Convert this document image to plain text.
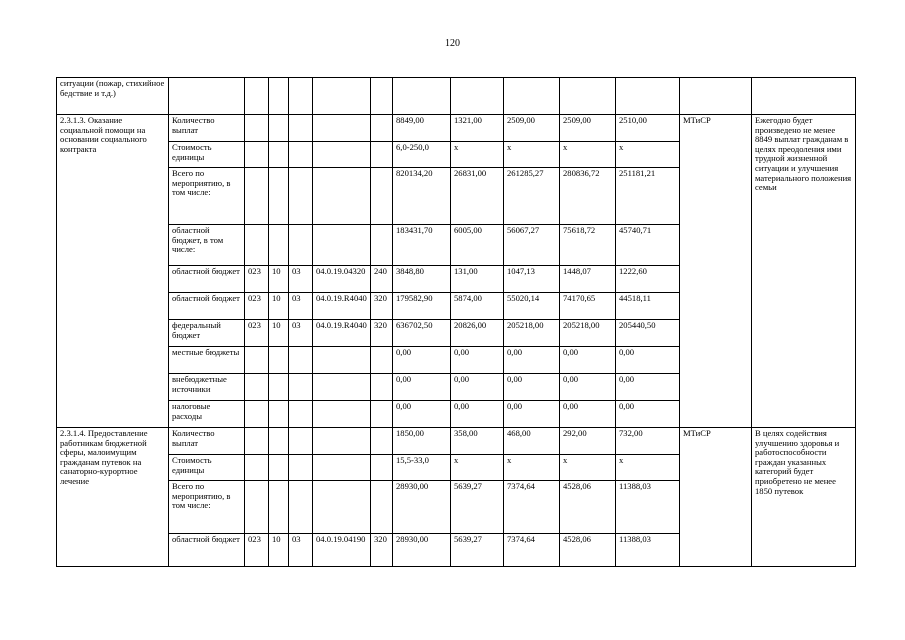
120
ситуации (пожар, стихийное бедствие и т.д.)													
2.3.1.3. Оказание социальной помощи на основании социального контракта	Количество выплат						8849,00	1321,00	2509,00	2509,00	2510,00	МТиСР	Ежегодно будет произведено не менее 8849 выплат гражданам в целях преодоления ими трудной жизненной ситуации и улучшения материального положения семьи
	Стоимость единицы						6,0-250,0	х	х	х	х		
	Всего по мероприятию, в том числе:						820134,20	26831,00	261285,27	280836,72	251181,21		
	областной бюджет, в том числе:						183431,70	6005,00	56067,27	75618,72	45740,71		
	областной бюджет	023	10	03	04.0.19.04320	240	3848,80	131,00	1047,13	1448,07	1222,60		
	областной бюджет	023	10	03	04.0.19.R4040	320	179582,90	5874,00	55020,14	74170,65	44518,11		
	федеральный бюджет	023	10	03	04.0.19.R4040	320	636702,50	20826,00	205218,00	205218,00	205440,50		
	местные бюджеты						0,00	0,00	0,00	0,00	0,00		
	внебюджетные источники						0,00	0,00	0,00	0,00	0,00		
	налоговые расходы						0,00	0,00	0,00	0,00	0,00		
2.3.1.4. Предоставление работникам бюджетной сферы, малоимущим гражданам путевок на санаторно-курортное лечение	Количество выплат						1850,00	358,00	468,00	292,00	732,00	МТиСР	В целях содействия улучшению здоровья и работоспособности граждан указанных категорий будет приобретено не менее 1850 путевок
	Стоимость единицы						15,5-33,0	х	х	х	х		
	Всего по мероприятию, в том числе:						28930,00	5639,27	7374,64	4528,06	11388,03		
	областной бюджет	023	10	03	04.0.19.04190	320	28930,00	5639,27	7374,64	4528,06	11388,03		
